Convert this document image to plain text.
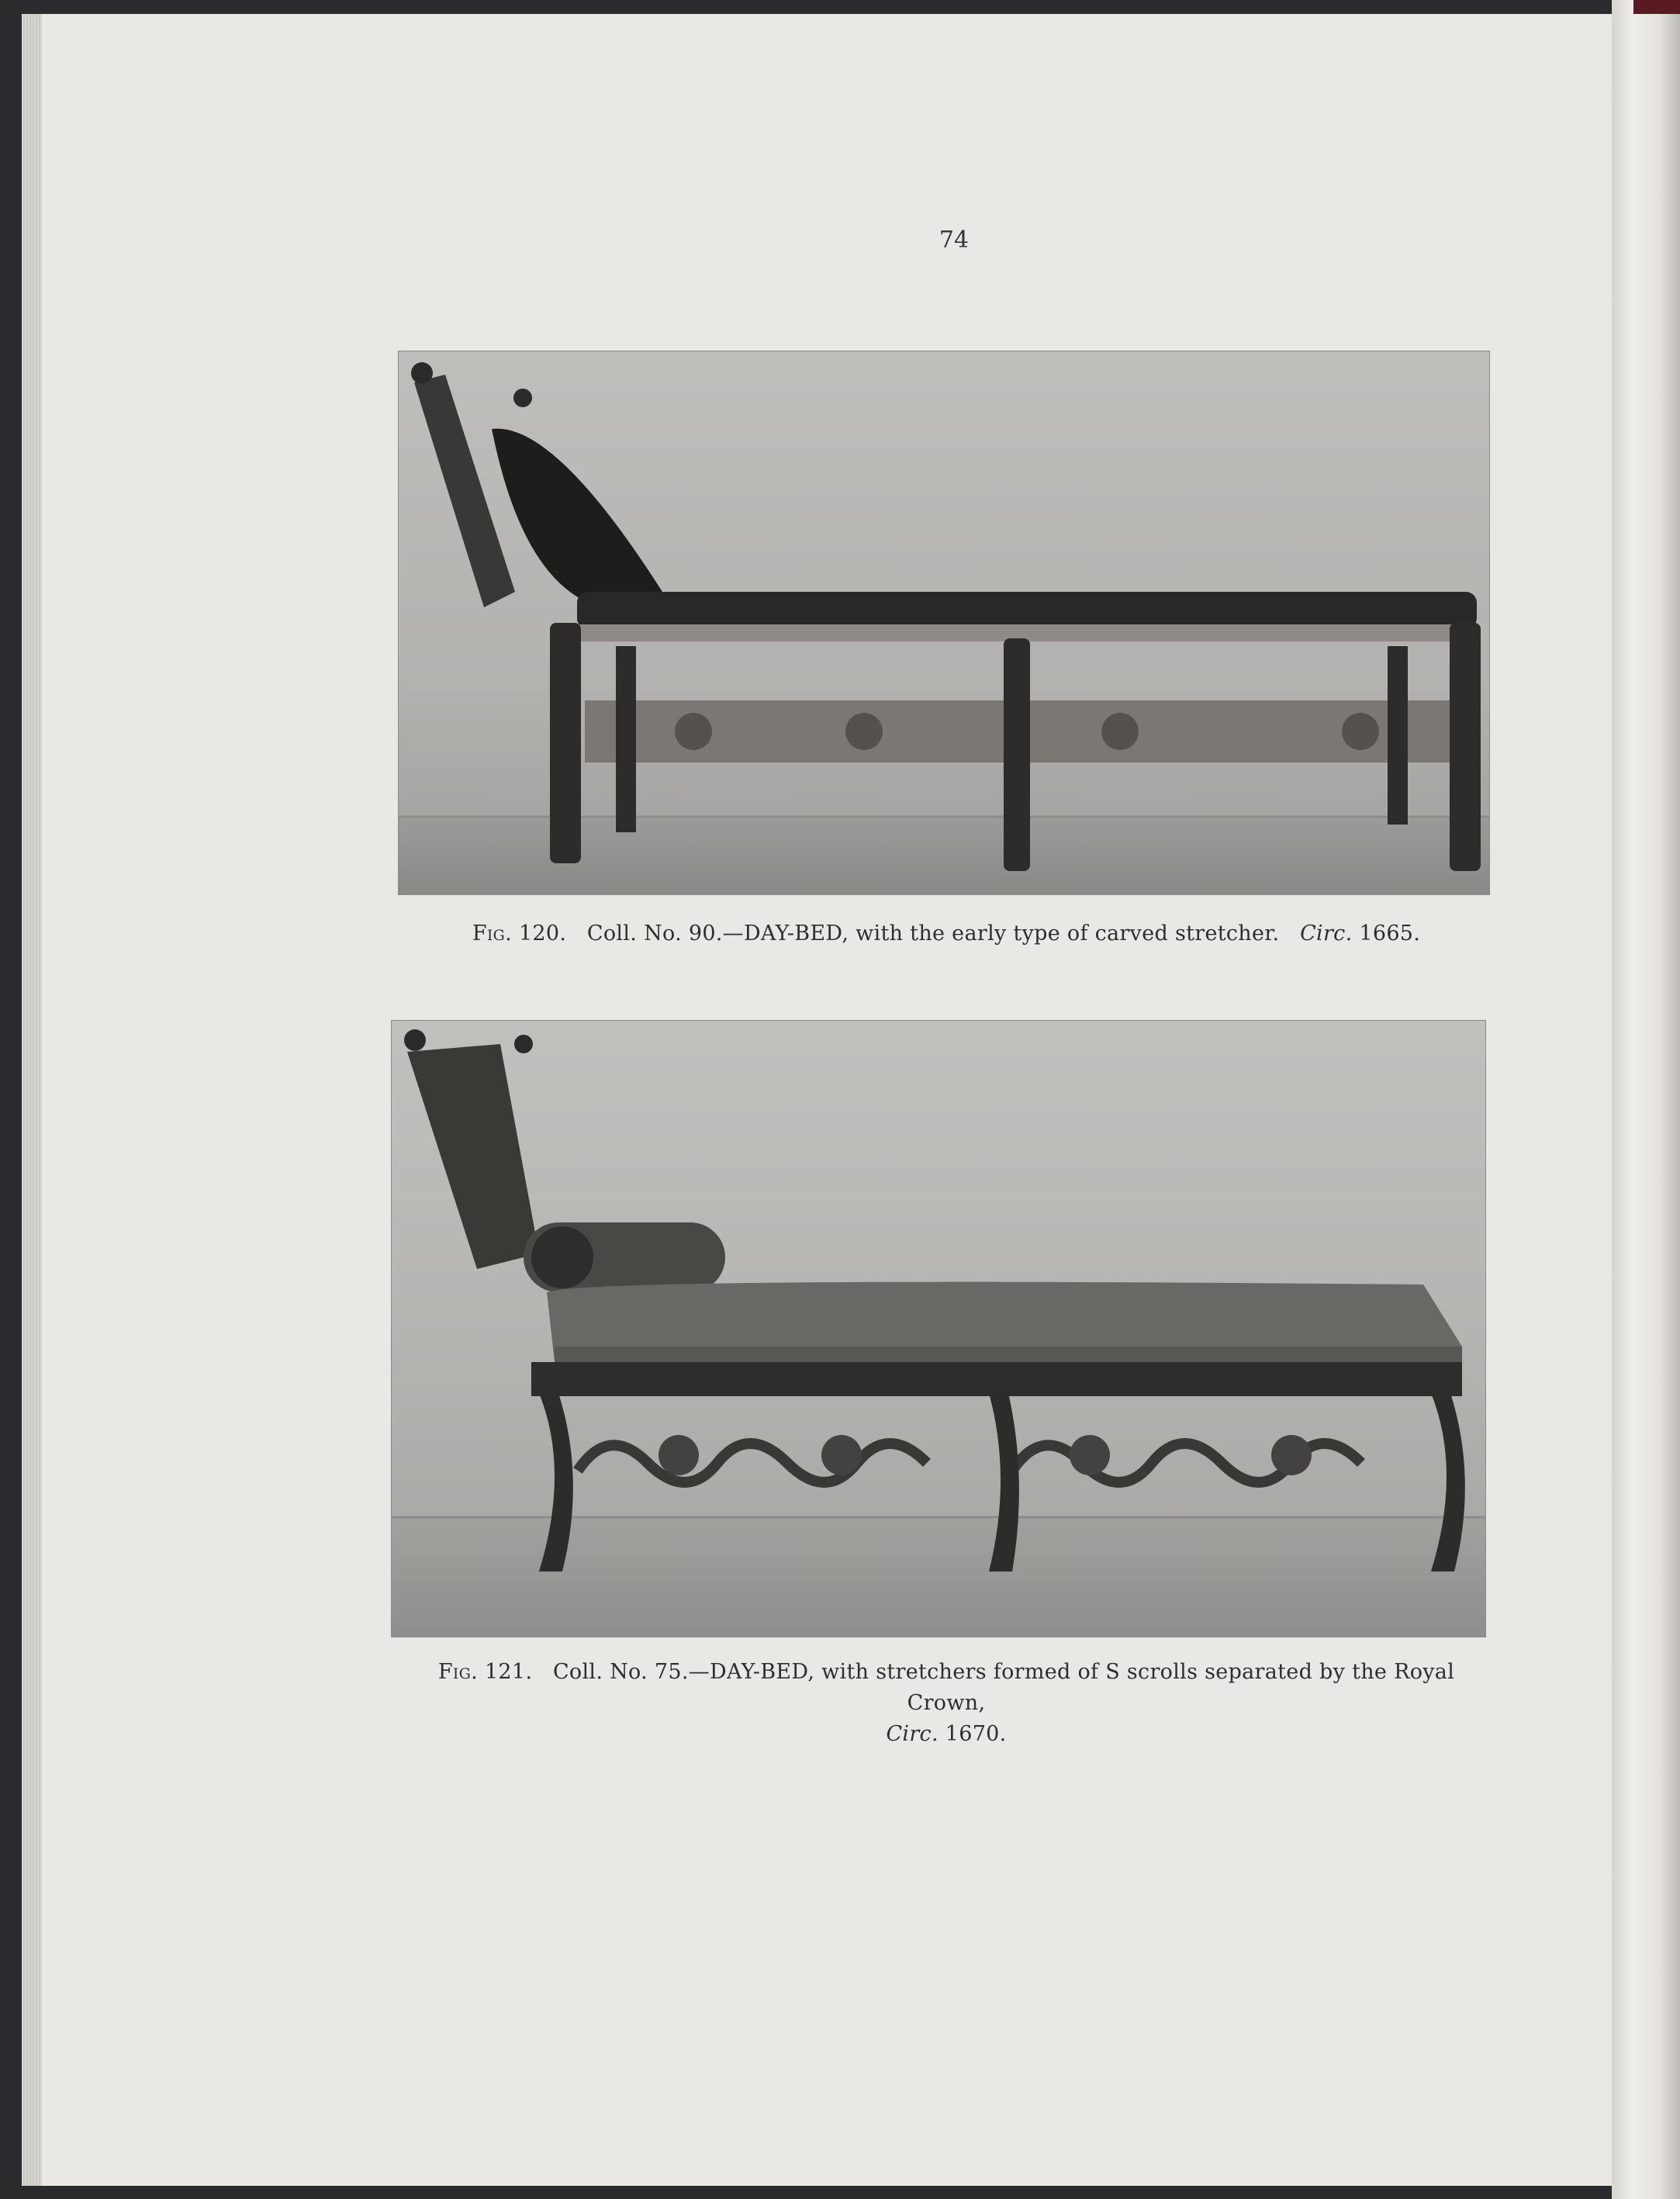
74
Fig. 120. Coll. No. 90.—DAY-BED, with the early type of carved stretcher. Circ. 1665.
Fig. 121. Coll. No. 75.—DAY-BED, with stretchers formed of S scrolls separated by the Royal Crown,
Circ. 1670.
